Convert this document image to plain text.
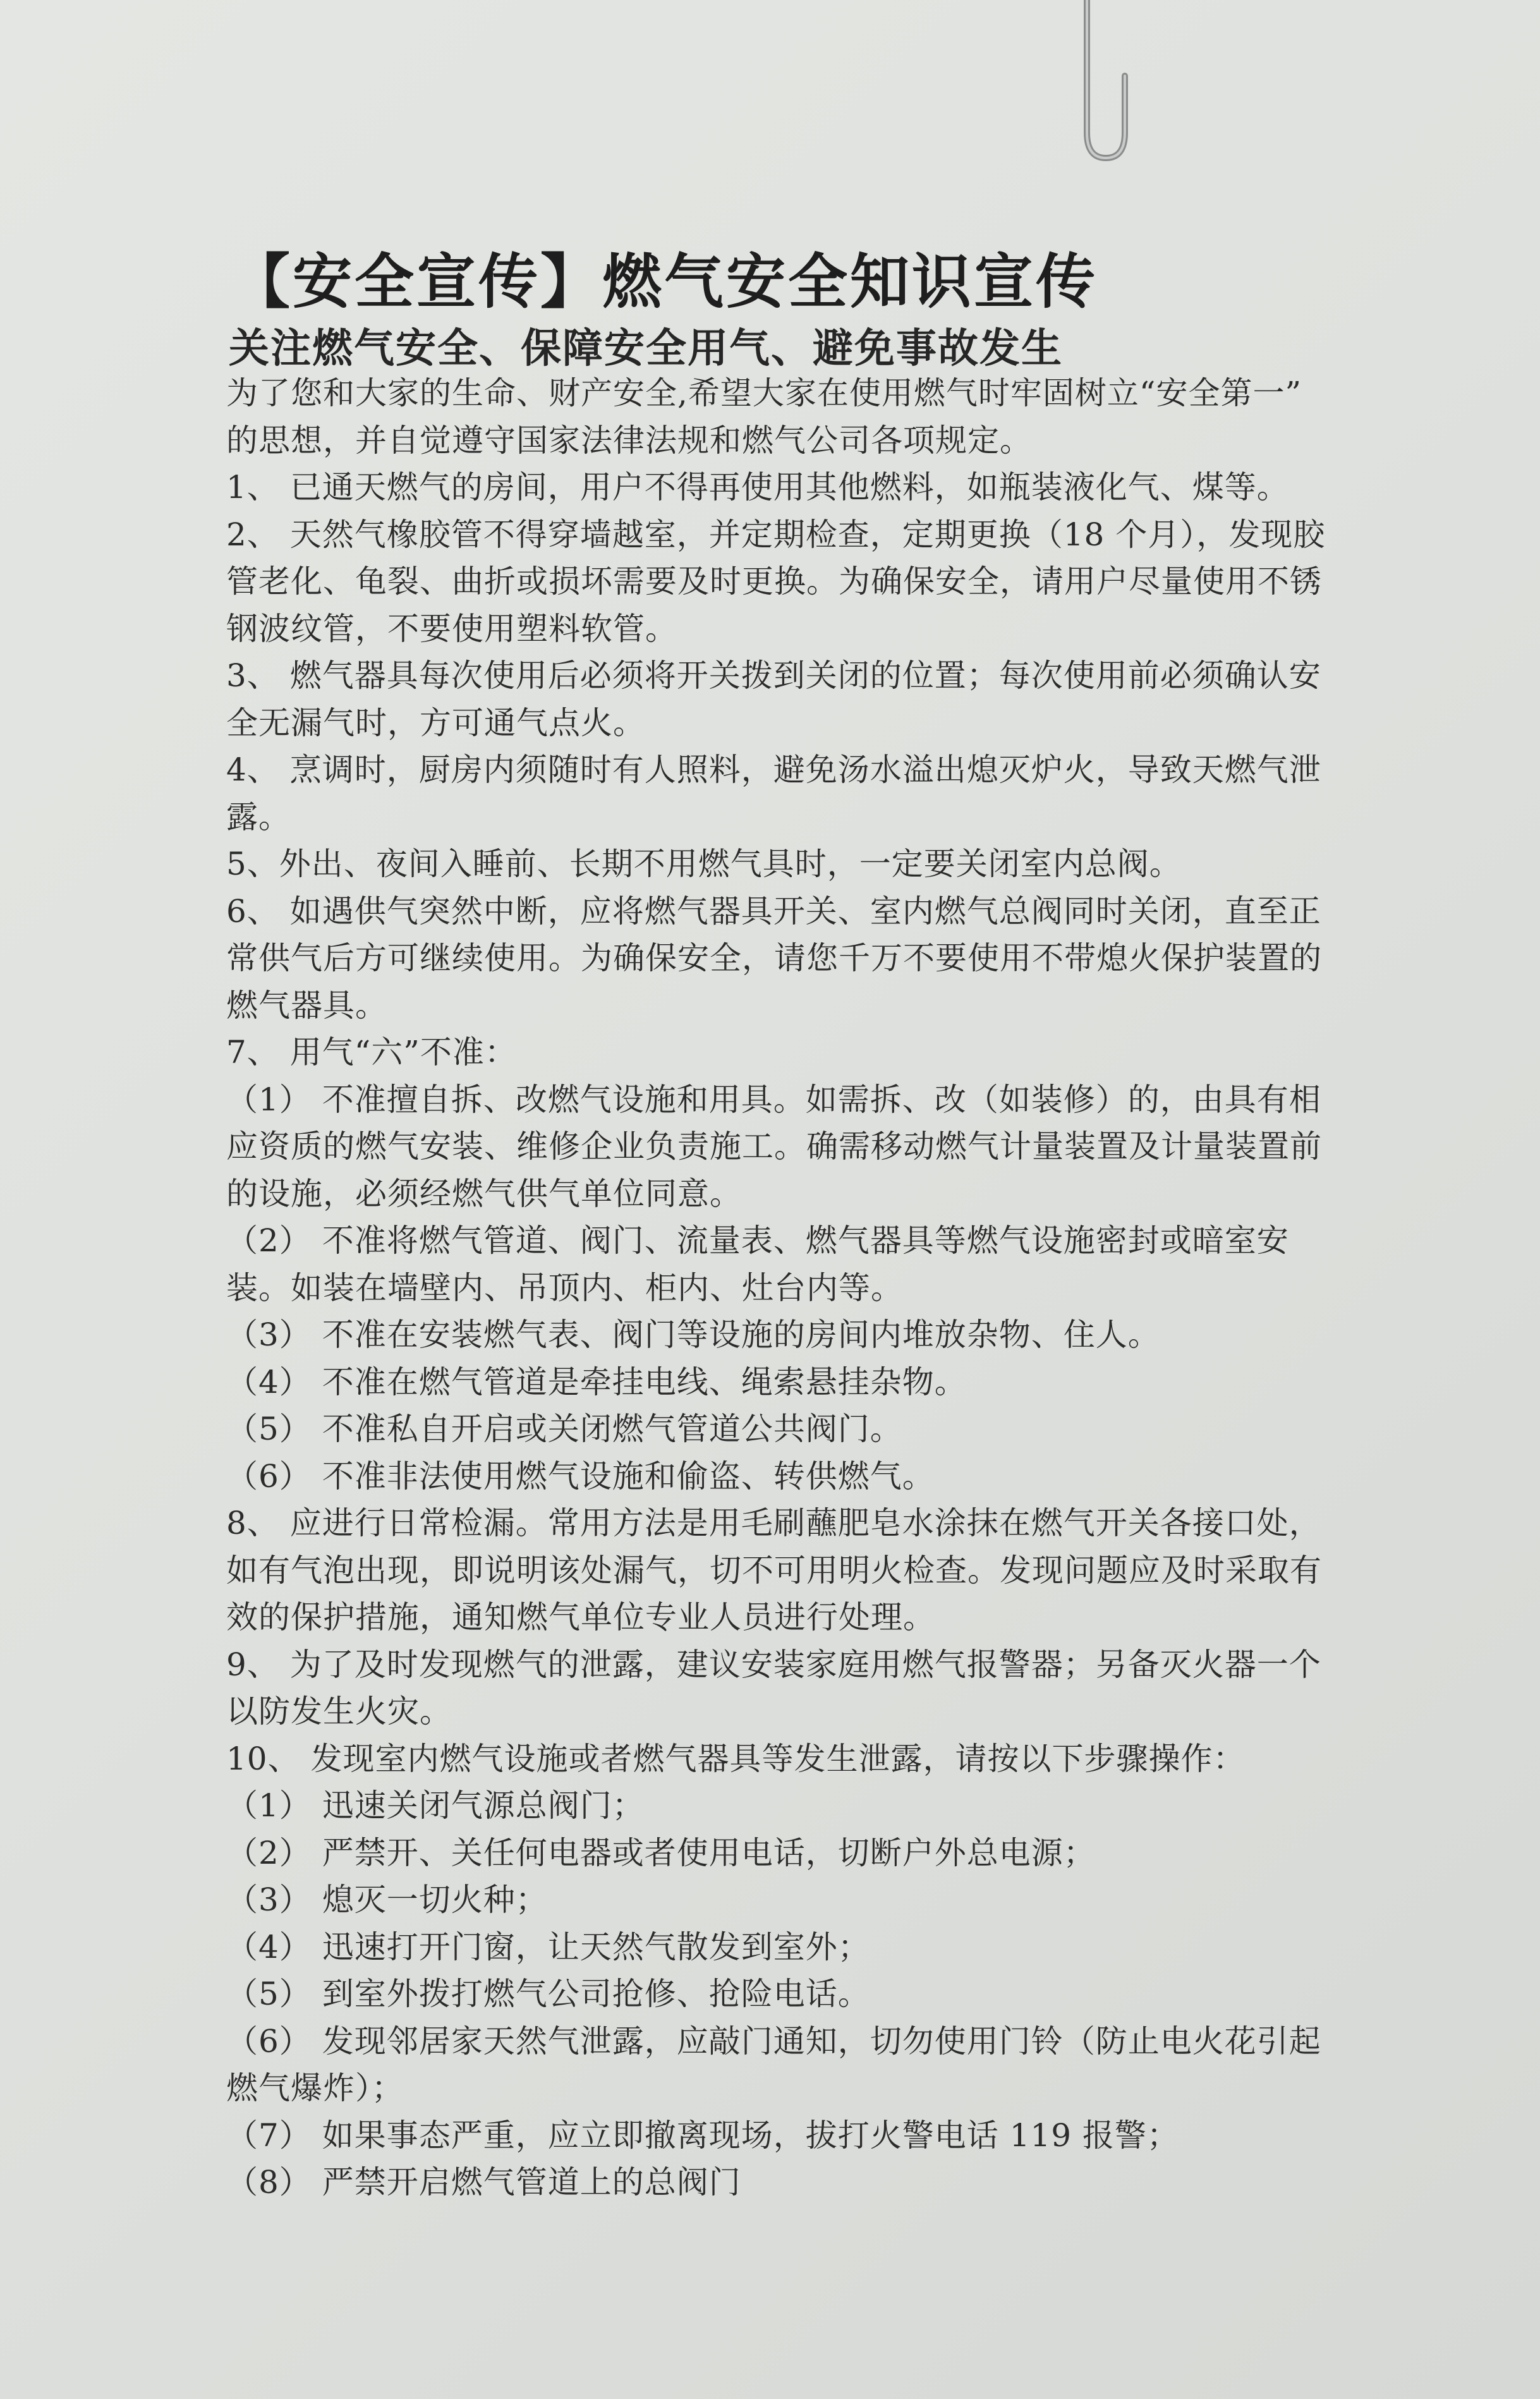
【安全宣传】燃气安全知识宣传
关注燃气安全、保障安全用气、避免事故发生
为了您和大家的生命、财产安全,希望大家在使用燃气时牢固树立“安全第一”
的思想，并自觉遵守国家法律法规和燃气公司各项规定。
1、 已通天燃气的房间，用户不得再使用其他燃料，如瓶装液化气、煤等。
2、 天然气橡胶管不得穿墙越室，并定期检查，定期更换（18 个月），发现胶
管老化、龟裂、曲折或损坏需要及时更换。为确保安全，请用户尽量使用不锈
钢波纹管，不要使用塑料软管。
3、 燃气器具每次使用后必须将开关拨到关闭的位置；每次使用前必须确认安
全无漏气时，方可通气点火。
4、 烹调时，厨房内须随时有人照料，避免汤水溢出熄灭炉火，导致天燃气泄
露。
5、外出、夜间入睡前、长期不用燃气具时，一定要关闭室内总阀。
6、 如遇供气突然中断，应将燃气器具开关、室内燃气总阀同时关闭，直至正
常供气后方可继续使用。为确保安全，请您千万不要使用不带熄火保护装置的
燃气器具。
7、 用气“六”不准：
（1） 不准擅自拆、改燃气设施和用具。如需拆、改（如装修）的，由具有相
应资质的燃气安装、维修企业负责施工。确需移动燃气计量装置及计量装置前
的设施，必须经燃气供气单位同意。
（2） 不准将燃气管道、阀门、流量表、燃气器具等燃气设施密封或暗室安
装。如装在墙壁内、吊顶内、柜内、灶台内等。
（3） 不准在安装燃气表、阀门等设施的房间内堆放杂物、住人。
（4） 不准在燃气管道是牵挂电线、绳索悬挂杂物。
（5） 不准私自开启或关闭燃气管道公共阀门。
（6） 不准非法使用燃气设施和偷盗、转供燃气。
8、 应进行日常检漏。常用方法是用毛刷蘸肥皂水涂抹在燃气开关各接口处，
如有气泡出现，即说明该处漏气，切不可用明火检查。发现问题应及时采取有
效的保护措施，通知燃气单位专业人员进行处理。
9、 为了及时发现燃气的泄露，建议安装家庭用燃气报警器；另备灭火器一个
以防发生火灾。
10、 发现室内燃气设施或者燃气器具等发生泄露，请按以下步骤操作：
（1） 迅速关闭气源总阀门；
（2） 严禁开、关任何电器或者使用电话，切断户外总电源；
（3） 熄灭一切火种；
（4） 迅速打开门窗，让天然气散发到室外；
（5） 到室外拨打燃气公司抢修、抢险电话。
（6） 发现邻居家天然气泄露，应敲门通知，切勿使用门铃（防止电火花引起
燃气爆炸）；
（7） 如果事态严重，应立即撤离现场，拔打火警电话 119 报警；
（8） 严禁开启燃气管道上的总阀门
